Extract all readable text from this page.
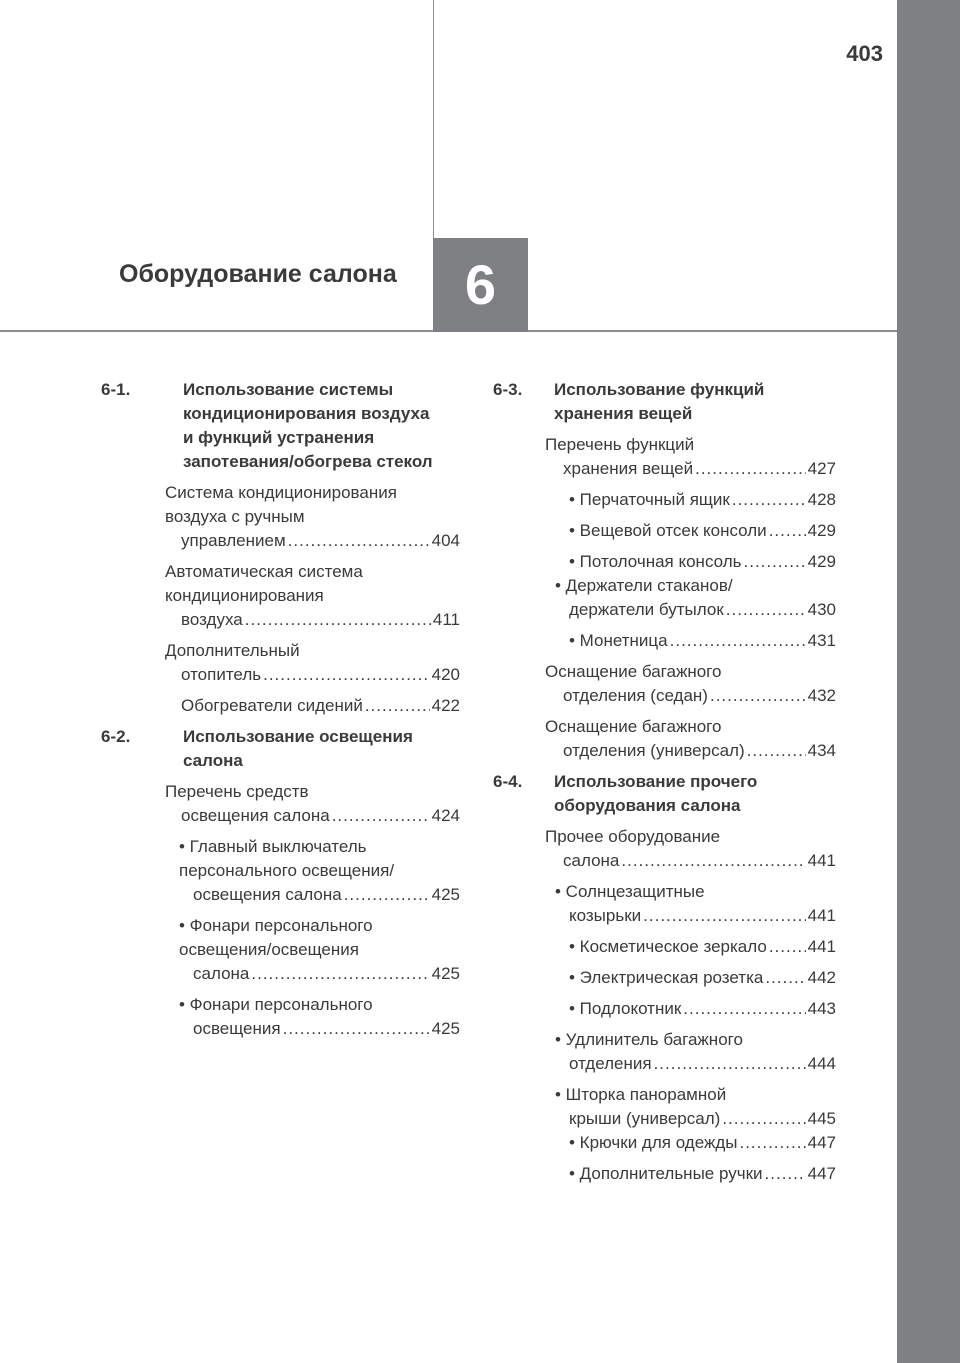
6
Оборудование салона
403
6-1.	Использование системы
кондиционирования воздуха
и функций устранения
запотевания/обогрева стекол
Система кондиционирования
воздуха с ручным
управлением .....	404
Автоматическая система
кондиционирования
воздуха .....	411
Дополнительный
отопитель .....	420
Обогреватели сидений .....	422
6-2.	Использование освещения
салона
Перечень средств
освещения салона .....	424
• Главный выключатель
персонального освещения/
освещения салона .....	425
• Фонари персонального
освещения/освещения
салона .....	425
• Фонари персонального
освещения .....	425
6-3. Использование функций
хранения вещей
Перечень функций
хранения вещей .....	427
• Перчаточный ящик .....	428
• Вещевой отсек консоли ..... 429
• Потолочная консоль .....	429
• Держатели стаканов/
держатели бутылок .....	430
• Монетница .....	431
Оснащение багажного
отделения (седан) .....	432
Оснащение багажного
отделения (универсал) .....	434
6-4. Использование прочего
оборудования салона
Прочее оборудование
салона .....	441
• Солнцезащитные
козырьки .....	441
• Косметическое зеркало ..... 441
• Электрическая розетка .....	442
• Подлокотник .....	443
• Удлинитель багажного
отделения .....	444
• Шторка панорамной
крыши (универсал) .....	445
• Крючки для одежды .....	447
• Дополнительные ручки .....	447
